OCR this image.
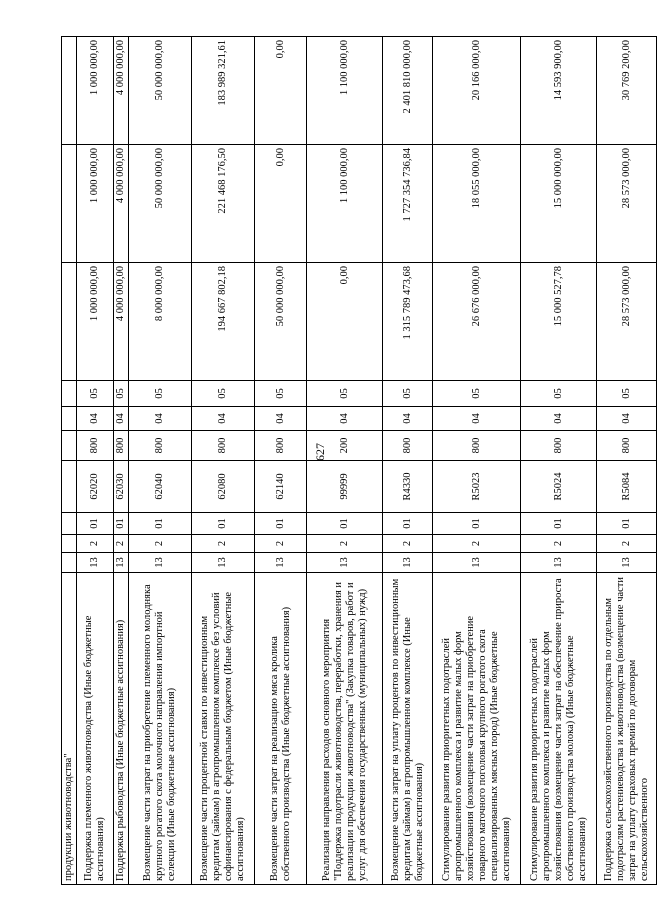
627
продукции животноводства"										
Поддержка племенного животноводства (Иные бюджетные ассигнования)	13	2	01	62020	800	04	05	1 000 000,00	1 000 000,00	1 000 000,00
Поддержка рыбоводства (Иные бюджетные ассигнования)	13	2	01	62030	800	04	05	4 000 000,00	4 000 000,00	4 000 000,00
Возмещение части затрат на приобретение племенного молодняка крупного рогатого скота молочного направления импортной селекции (Иные бюджетные ассигнования)	13	2	01	62040	800	04	05	8 000 000,00	50 000 000,00	50 000 000,00
Возмещение части процентной ставки по инвестиционным кредитам (займам) в агропромышленном комплексе без условий софинансирования с федеральным бюджетом (Иные бюджетные ассигнования)	13	2	01	62080	800	04	05	194 667 802,18	221 468 176,50	183 989 321,61
Возмещение части затрат на реализацию мяса кролика собственного производства (Иные бюджетные ассигнования)	13	2	01	62140	800	04	05	50 000 000,00	0,00	0,00
Реализация направления расходов основного мероприятия "Поддержка подотрасли животноводства, переработки, хранения и реализации продукции животноводства" (Закупка товаров, работ и услуг для обеспечения государственных (муниципальных) нужд)	13	2	01	99999	200	04	05	0,00	1 100 000,00	1 100 000,00
Возмещение части затрат на уплату процентов по инвестиционным кредитам (займам) в агропромышленном комплексе (Иные бюджетные ассигнования)	13	2	01	R4330	800	04	05	1 315 789 473,68	1 727 354 736,84	2 401 810 000,00
Стимулирование развития приоритетных подотраслей агропромышленного комплекса и развитие малых форм хозяйствования (возмещение части затрат на приобретение товарного маточного поголовья крупного рогатого скота специализированных мясных пород) (Иные бюджетные ассигнования)	13	2	01	R5023	800	04	05	26 676 000,00	18 055 000,00	20 166 000,00
Стимулирование развития приоритетных подотраслей агропромышленного комплекса и развитие малых форм хозяйствования (возмещение части затрат на обеспечение прироста собственного производства молока) (Иные бюджетные ассигнования)	13	2	01	R5024	800	04	05	15 000 527,78	15 000 000,00	14 593 900,00
Поддержка сельскохозяйственного производства по отдельным подотраслям растениеводства и животноводства (возмещение части затрат на уплату страховых премий по договорам сельскохозяйственного	13	2	01	R5084	800	04	05	28 573 000,00	28 573 000,00	30 769 200,00
